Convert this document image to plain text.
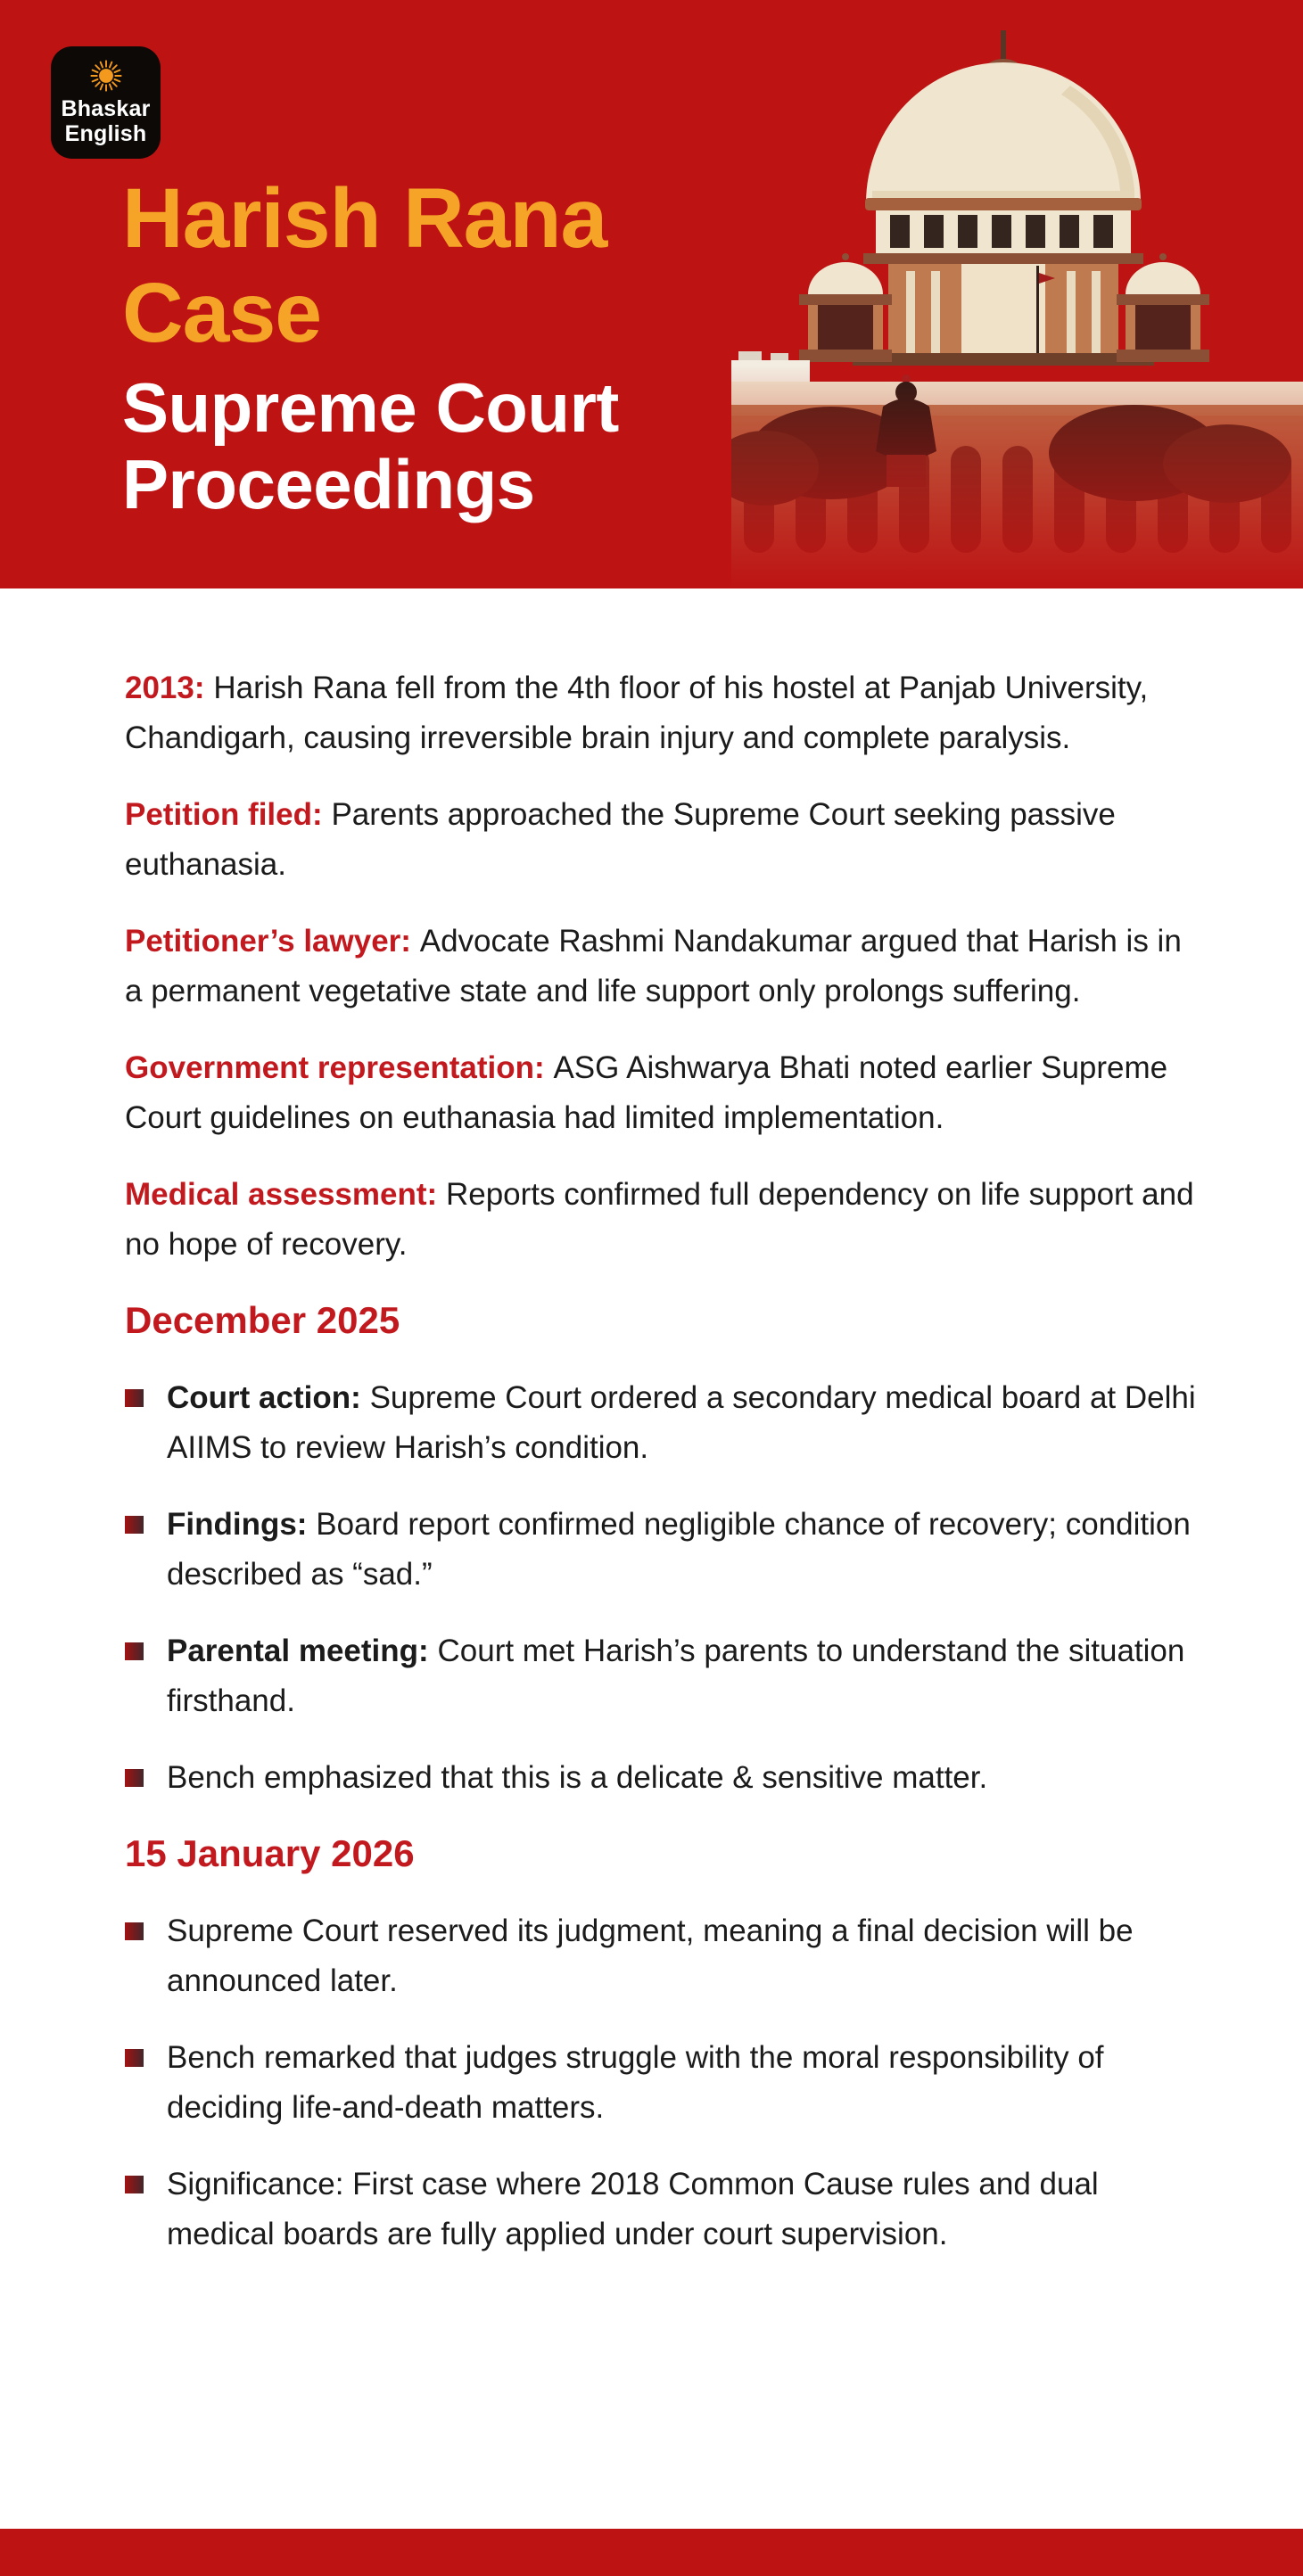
Bhaskar
English
Harish Rana Case
Supreme Court Proceedings

2013: Harish Rana fell from the 4th floor of his hostel at Panjab University, Chandigarh, causing irreversible brain injury and complete paralysis.

Petition filed: Parents approached the Supreme Court seeking passive euthanasia.

Petitioner’s lawyer: Advocate Rashmi Nandakumar argued that Harish is in a permanent vegetative state and life support only prolongs suffering.

Government representation: ASG Aishwarya Bhati noted earlier Supreme Court guidelines on euthanasia had limited implementation.

Medical assessment: Reports confirmed full dependency on life support and no hope of recovery.

December 2025

Court action: Supreme Court ordered a secondary medical board at Delhi AIIMS to review Harish’s condition.

Findings: Board report confirmed negligible chance of recovery; condition described as “sad.”

Parental meeting: Court met Harish’s parents to understand the situation firsthand.

Bench emphasized that this is a delicate & sensitive matter.

15 January 2026

Supreme Court reserved its judgment, meaning a final decision will be announced later.

Bench remarked that judges struggle with the moral responsibility of deciding life-and-death matters.

Significance: First case where 2018 Common Cause rules and dual medical boards are fully applied under court supervision.
